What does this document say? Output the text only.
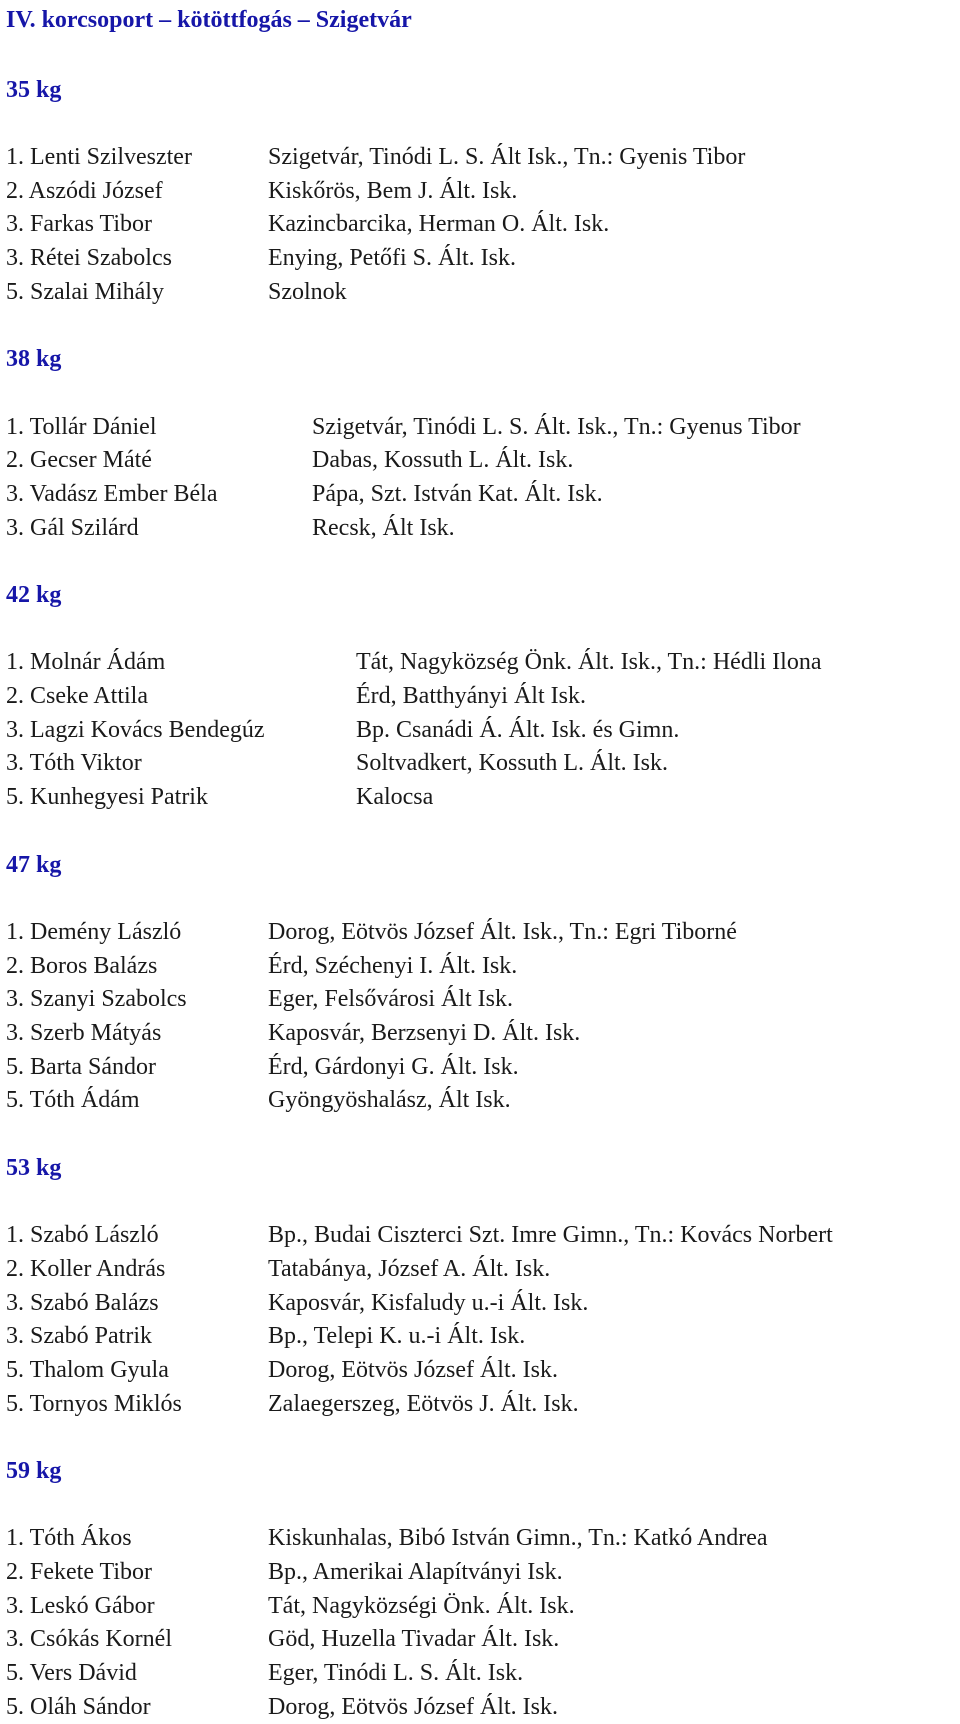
IV. korcsoport – kötöttfogás – Szigetvár
35 kg
1. Lenti Szilveszter	Szigetvár, Tinódi L. S. Ált Isk., Tn.: Gyenis Tibor
2. Aszódi József	Kiskőrös, Bem J. Ált. Isk.
3. Farkas Tibor	Kazincbarcika, Herman O. Ált. Isk.
3. Rétei Szabolcs	Enying, Petőfi S. Ált. Isk.
5. Szalai Mihály	Szolnok
38 kg
1. Tollár Dániel	Szigetvár, Tinódi L. S. Ált. Isk., Tn.: Gyenus Tibor
2. Gecser Máté	Dabas, Kossuth L. Ált. Isk.
3. Vadász Ember Béla	Pápa, Szt. István Kat. Ált. Isk.
3. Gál Szilárd	Recsk, Ált Isk.
42 kg
1. Molnár Ádám	Tát, Nagyközség Önk. Ált. Isk., Tn.: Hédli Ilona
2. Cseke Attila	Érd, Batthyányi Ált Isk.
3. Lagzi Kovács Bendegúz	Bp. Csanádi Á. Ált. Isk. és Gimn.
3. Tóth Viktor	Soltvadkert, Kossuth L. Ált. Isk.
5. Kunhegyesi Patrik	Kalocsa
47 kg
1. Demény László	Dorog, Eötvös József Ált. Isk., Tn.: Egri Tiborné
2. Boros Balázs	Érd, Széchenyi I. Ált. Isk.
3. Szanyi Szabolcs	Eger, Felsővárosi Ált Isk.
3. Szerb Mátyás	Kaposvár, Berzsenyi D. Ált. Isk.
5. Barta Sándor	Érd, Gárdonyi G. Ált. Isk.
5. Tóth Ádám	Gyöngyöshalász, Ált Isk.
53 kg
1. Szabó László	Bp., Budai Ciszterci Szt. Imre Gimn., Tn.: Kovács Norbert
2. Koller András	Tatabánya, József A. Ált. Isk.
3. Szabó Balázs	Kaposvár, Kisfaludy u.-i Ált. Isk.
3. Szabó Patrik	Bp., Telepi K. u.-i Ált. Isk.
5. Thalom Gyula	Dorog, Eötvös József Ált. Isk.
5. Tornyos Miklós	Zalaegerszeg, Eötvös J. Ált. Isk.
59 kg
1. Tóth Ákos	Kiskunhalas, Bibó István Gimn., Tn.: Katkó Andrea
2. Fekete Tibor	Bp., Amerikai Alapítványi Isk.
3. Leskó Gábor	Tát, Nagyközségi Önk. Ált. Isk.
3. Csókás Kornél	Göd, Huzella Tivadar Ált. Isk.
5. Vers Dávid	Eger, Tinódi L. S. Ált. Isk.
5. Oláh Sándor	Dorog, Eötvös József Ált. Isk.
